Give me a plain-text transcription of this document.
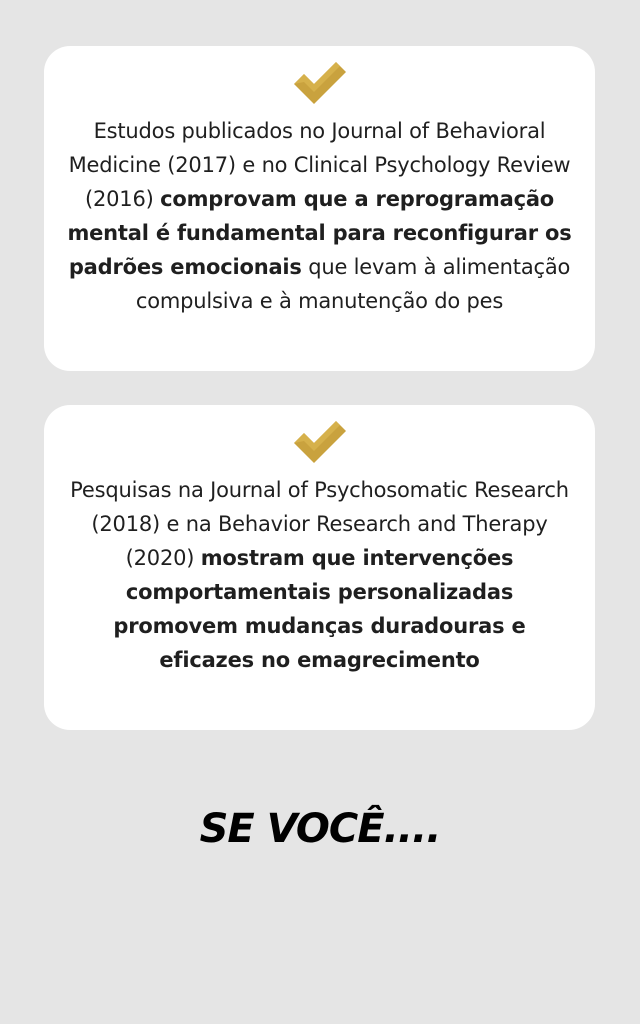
Estudos publicados no Journal of Behavioral Medicine (2017) e no Clinical Psychology Review (2016) comprovam que a reprogramação mental é fundamental para reconfigurar os padrões emocionais que levam à alimentação compulsiva e à manutenção do pes
Pesquisas na Journal of Psychosomatic Research (2018) e na Behavior Research and Therapy (2020) mostram que intervenções comportamentais personalizadas promovem mudanças duradouras e eficazes no emagrecimento
SE VOCÊ....
